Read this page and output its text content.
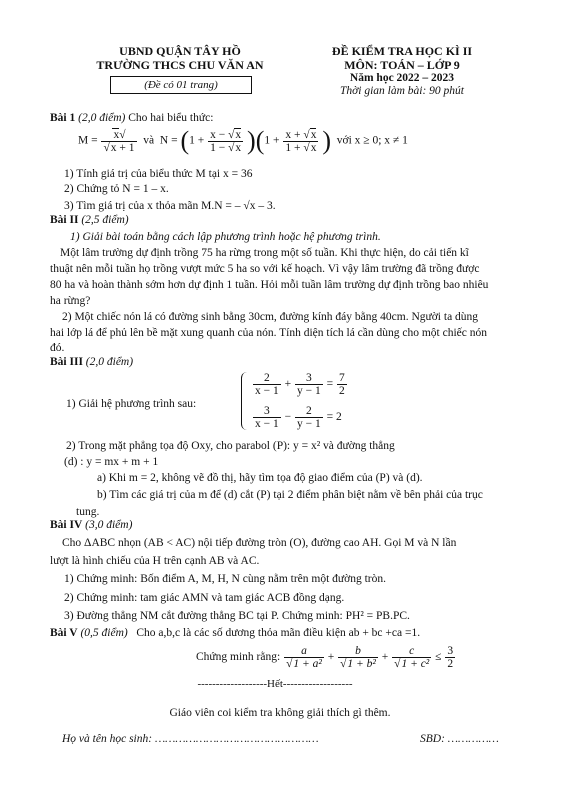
UBND QUẬN TÂY HỒ
TRƯỜNG THCS CHU VĂN AN
(Đề có 01 trang)
ĐỀ KIỂM TRA HỌC KÌ II
MÔN: TOÁN – LỚP 9
Năm học 2022 – 2023
Thời gian làm bài: 90 phút
Bài 1 (2,0 điểm) Cho hai biểu thức:
$M = \frac{x√}{√x + 1}$ và  $N = (1 + \frac{x - √x}{1 - √x} )(1 + \frac{x + √x}{1 + √x}$ )  với x ≥ 0; x ≠ 1
1) Tính giá trị của biểu thức M tại x = 36
2) Chứng tỏ N = 1 – x.
3) Tìm giá trị của x thỏa mãn M.N = – √x – 3.
Bài II (2,5 điểm)
1) Giải bài toán bằng cách lập phương trình hoặc hệ phương trình.
Một lâm trường dự định trồng 75 ha rừng trong một số tuần. Khi thực hiện, do cải tiến kĩ
thuật nên mỗi tuần họ trồng vượt mức 5 ha so với kế hoạch. Vì vậy lâm trường đã trồng được
80 ha và hoàn thành sớm hơn dự định 1 tuần. Hỏi mỗi tuần lâm trường dự định trồng bao nhiêu
ha rừng?
2) Một chiếc nón lá có đường sinh bằng 30cm, đường kính đáy bằng 40cm. Người ta dùng
hai lớp lá để phủ lên bề mặt xung quanh của nón. Tính diện tích lá cần dùng cho một chiếc nón
đó.
Bài III (2,0 điểm)
1) Giải hệ phương trình sau:
$\frac{2}{x - 1} + \frac{3}{y - 1} = \frac{7}{2}$
$\frac{3}{x - 1} - \frac{2}{y - 1} = 2$
2) Trong mặt phẳng tọa độ Oxy, cho parabol (P): y = x² và đường thẳng
(d) : y = mx + m + 1
a) Khi m = 2, không vẽ đồ thị, hãy tìm tọa độ giao điểm của (P) và (d).
b) Tìm các giá trị của m để (d) cắt (P) tại 2 điểm phân biệt nằm về bên phải của trục
tung.
Bài IV (3,0 điểm)
Cho ΔABC nhọn (AB < AC) nội tiếp đường tròn (O), đường cao AH. Gọi M và N lần
lượt là hình chiếu của H trên cạnh AB và AC.
1) Chứng minh: Bốn điểm A, M, H, N cùng nằm trên một đường tròn.
2) Chứng minh: tam giác AMN và tam giác ACB đồng dạng.
3) Đường thẳng NM cắt đường thẳng BC tại P. Chứng minh: PH² = PB.PC.
Bài V (0,5 điểm) Cho a,b,c là các số dương thỏa mãn điều kiện ab + bc +ca =1.
Chứng minh rằng: $\frac{a}{\text{√1 + a²}} + \frac{b}{\text{√1 + b²}} + \frac{c}{\text{√1 + c²}} \le \frac{3}{2}$
-------------------Hết-------------------
Giáo viên coi kiểm tra không giải thích gì thêm.
Họ và tên học sinh: …………………………………………	SBD: ……………
